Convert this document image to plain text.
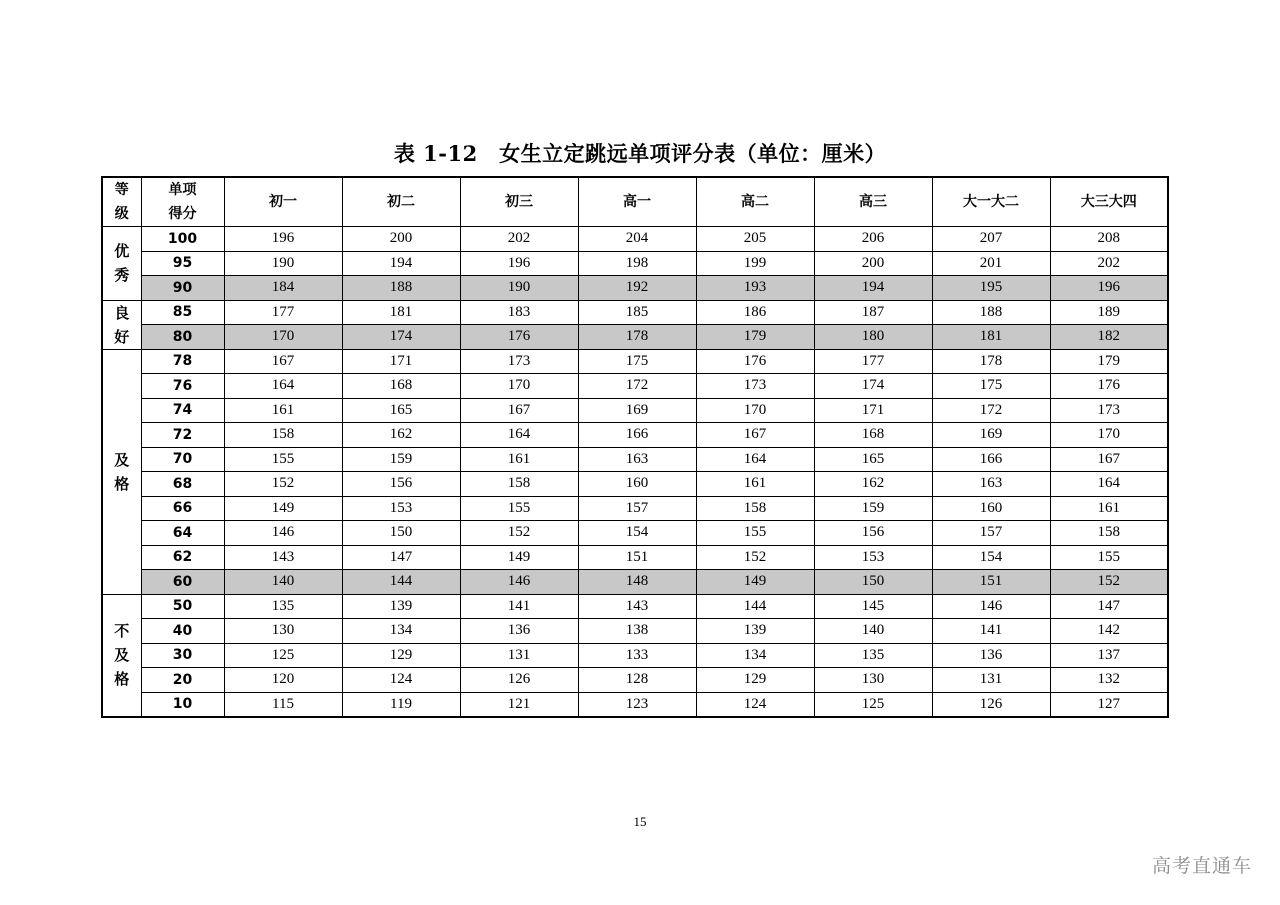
表 1-12　女生立定跳远单项评分表（单位：厘米）
等
级	单项
得分	初一	初二	初三	高一	高二	高三	大一大二	大三大四
优
秀	100	196	200	202	204	205	206	207	208
	95	190	194	196	198	199	200	201	202
	90	184	188	190	192	193	194	195	196
良
好	85	177	181	183	185	186	187	188	189
	80	170	174	176	178	179	180	181	182
及
格	78	167	171	173	175	176	177	178	179
	76	164	168	170	172	173	174	175	176
	74	161	165	167	169	170	171	172	173
	72	158	162	164	166	167	168	169	170
	70	155	159	161	163	164	165	166	167
	68	152	156	158	160	161	162	163	164
	66	149	153	155	157	158	159	160	161
	64	146	150	152	154	155	156	157	158
	62	143	147	149	151	152	153	154	155
	60	140	144	146	148	149	150	151	152
不
及
格	50	135	139	141	143	144	145	146	147
	40	130	134	136	138	139	140	141	142
	30	125	129	131	133	134	135	136	137
	20	120	124	126	128	129	130	131	132
	10	115	119	121	123	124	125	126	127
15
高考直通车
